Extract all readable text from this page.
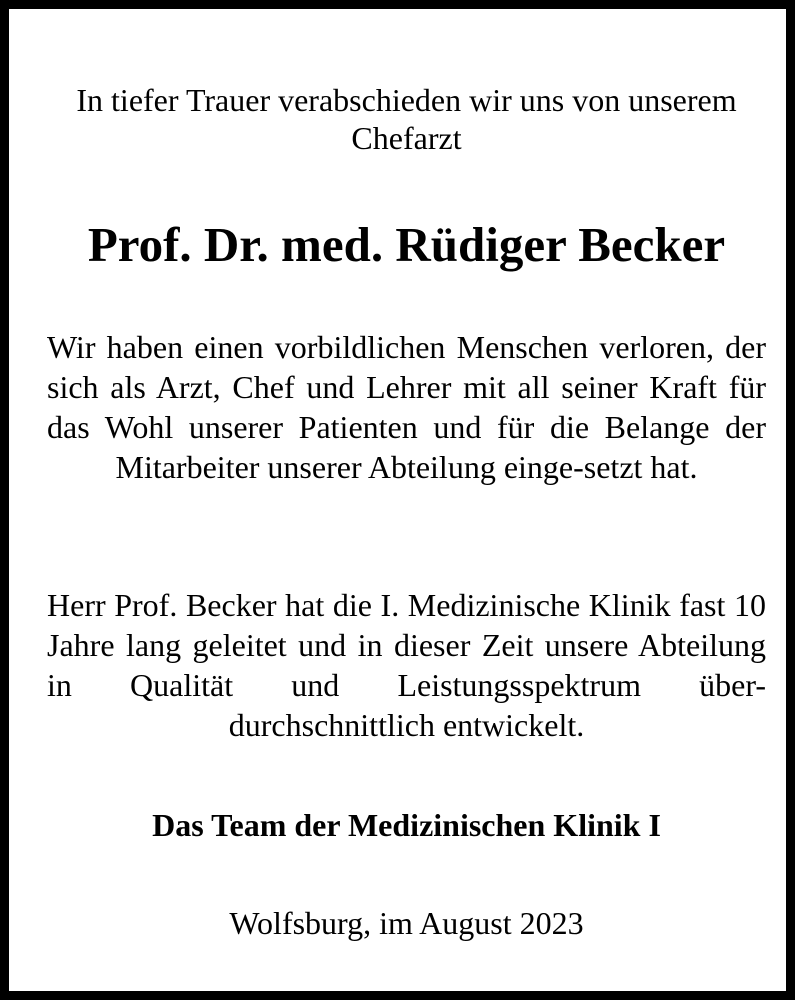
In tiefer Trauer verabschieden wir uns von unserem
Chefarzt

Prof. Dr. med. Rüdiger Becker

Wir haben einen vorbildlichen Menschen verloren, der sich als Arzt, Chef und Lehrer mit all seiner Kraft für das Wohl unserer Patienten und für die Belange der Mitarbeiter unserer Abteilung einge-setzt hat.

Herr Prof. Becker hat die I. Medizinische Klinik fast 10 Jahre lang geleitet und in dieser Zeit unsere Abteilung in Qualität und Leistungsspektrum über-durchschnittlich entwickelt.

Das Team der Medizinischen Klinik I

Wolfsburg, im August 2023
